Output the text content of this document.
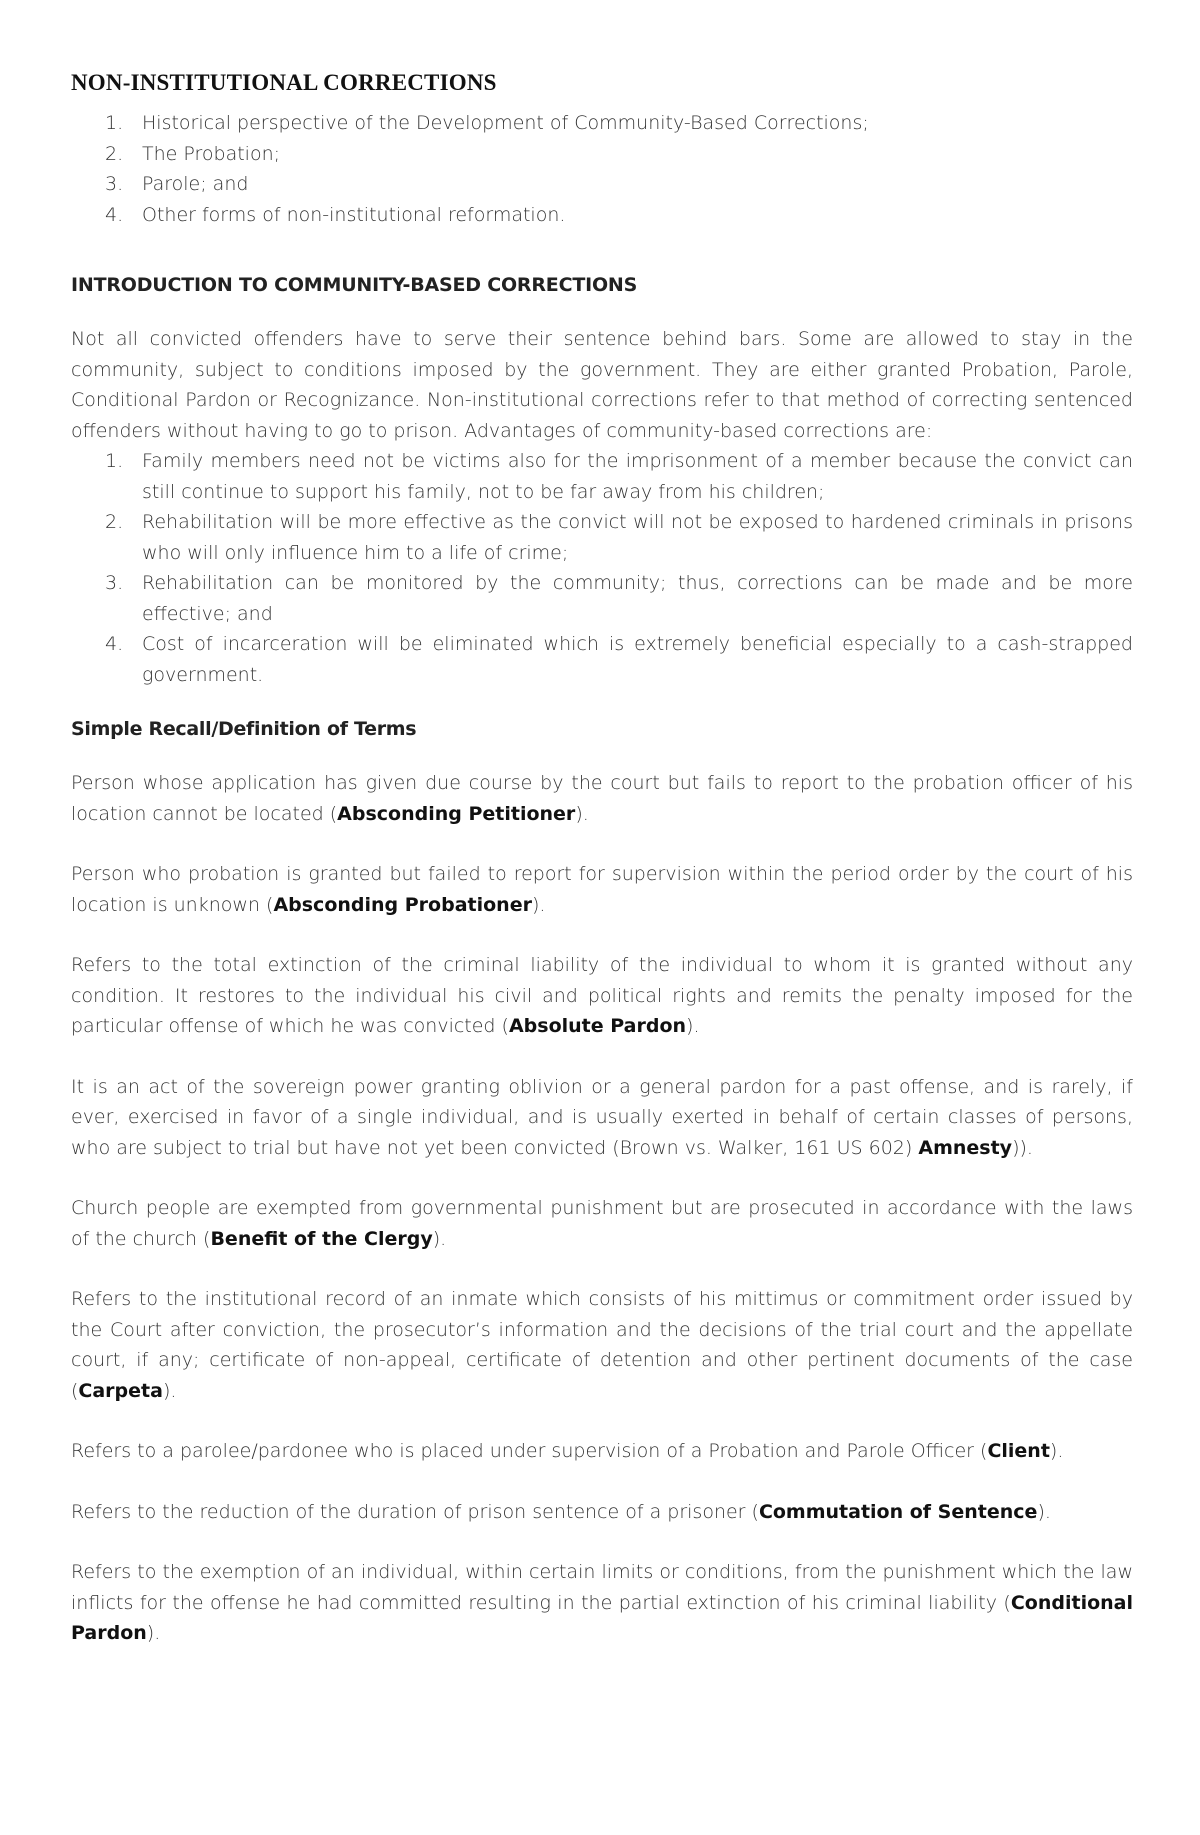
NON-INSTITUTIONAL CORRECTIONS
1. Historical perspective of the Development of Community-Based Corrections;
2. The Probation;
3. Parole; and
4. Other forms of non-institutional reformation.
INTRODUCTION TO COMMUNITY-BASED CORRECTIONS

Not all convicted offenders have to serve their sentence behind bars. Some are allowed to stay in the community, subject to conditions imposed by the government. They are either granted Probation, Parole, Conditional Pardon or Recognizance. Non-institutional corrections refer to that method of correcting sentenced offenders without having to go to prison. Advantages of community-based corrections are:

1. Family members need not be victims also for the imprisonment of a member because the convict can still continue to support his family, not to be far away from his children;
2. Rehabilitation will be more effective as the convict will not be exposed to hardened criminals in prisons who will only influence him to a life of crime;
3. Rehabilitation can be monitored by the community; thus, corrections can be made and be more effective; and
4. Cost of incarceration will be eliminated which is extremely beneficial especially to a cash-strapped government.
Simple Recall/Definition of Terms

Person whose application has given due course by the court but fails to report to the probation officer of his location cannot be located (Absconding Petitioner).

Person who probation is granted but failed to report for supervision within the period order by the court of his location is unknown (Absconding Probationer).

Refers to the total extinction of the criminal liability of the individual to whom it is granted without any condition. It restores to the individual his civil and political rights and remits the penalty imposed for the particular offense of which he was convicted (Absolute Pardon).

It is an act of the sovereign power granting oblivion or a general pardon for a past offense, and is rarely, if ever, exercised in favor of a single individual, and is usually exerted in behalf of certain classes of persons, who are subject to trial but have not yet been convicted (Brown vs. Walker, 161 US 602) Amnesty)).

Church people are exempted from governmental punishment but are prosecuted in accordance with the laws of the church (Benefit of the Clergy).

Refers to the institutional record of an inmate which consists of his mittimus or commitment order issued by the Court after conviction, the prosecutor’s information and the decisions of the trial court and the appellate court, if any; certificate of non-appeal, certificate of detention and other pertinent documents of the case (Carpeta).

Refers to a parolee/pardonee who is placed under supervision of a Probation and Parole Officer (Client).

Refers to the reduction of the duration of prison sentence of a prisoner (Commutation of Sentence).

Refers to the exemption of an individual, within certain limits or conditions, from the punishment which the law inflicts for the offense he had committed resulting in the partial extinction of his criminal liability (Conditional Pardon).
